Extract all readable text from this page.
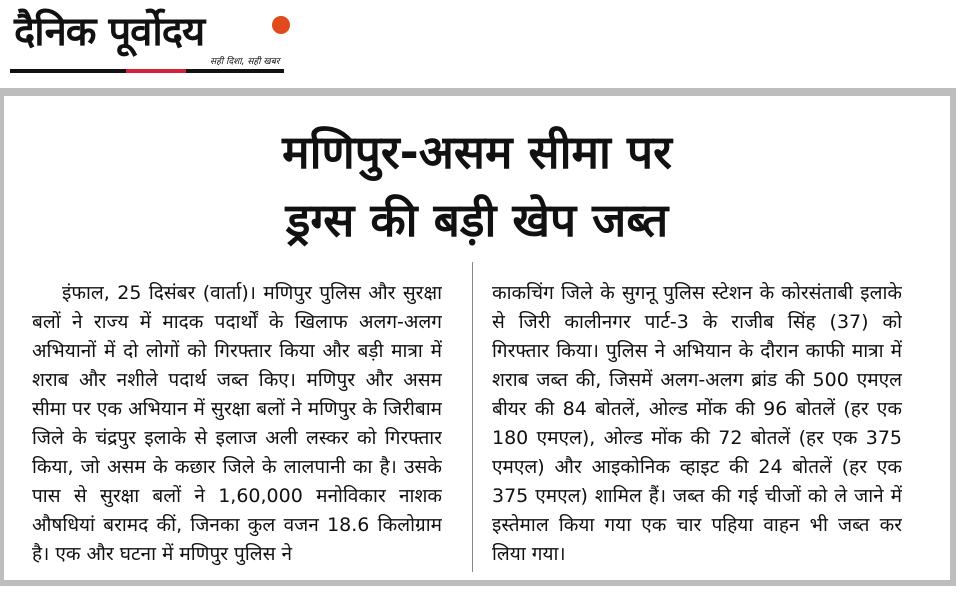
दैनिक पूर्वोदय

सही दिशा, सही खबर

मणिपुर-असम सीमा पर
ड्रग्स की बड़ी खेप जब्त

इंफाल, 25 दिसंबर (वार्ता)। मणिपुर पुलिस और सुरक्षा बलों ने राज्य में मादक पदार्थों के खिलाफ अलग-अलग अभियानों में दो लोगों को गिरफ्तार किया और बड़ी मात्रा में शराब और नशीले पदार्थ जब्त किए। मणिपुर और असम सीमा पर एक अभियान में सुरक्षा बलों ने मणिपुर के जिरीबाम जिले के चंद्रपुर इलाके से इलाज अली लस्कर को गिरफ्तार किया, जो असम के कछार जिले के लालपानी का है। उसके पास से सुरक्षा बलों ने 1,60,000 मनोविकार नाशक औषधियां बरामद कीं, जिनका कुल वजन 18.6 किलोग्राम है। एक और घटना में मणिपुर पुलिस ने

काकचिंग जिले के सुगनू पुलिस स्टेशन के कोरसंताबी इलाके से जिरी कालीनगर पार्ट-3 के राजीब सिंह (37) को गिरफ्तार किया। पुलिस ने अभियान के दौरान काफी मात्रा में शराब जब्त की, जिसमें अलग-अलग ब्रांड की 500 एमएल बीयर की 84 बोतलें, ओल्ड मोंक की 96 बोतलें (हर एक 180 एमएल), ओल्ड मोंक की 72 बोतलें (हर एक 375 एमएल) और आइकोनिक व्हाइट की 24 बोतलें (हर एक 375 एमएल) शामिल हैं। जब्त की गई चीजों को ले जाने में इस्तेमाल किया गया एक चार पहिया वाहन भी जब्त कर लिया गया।
